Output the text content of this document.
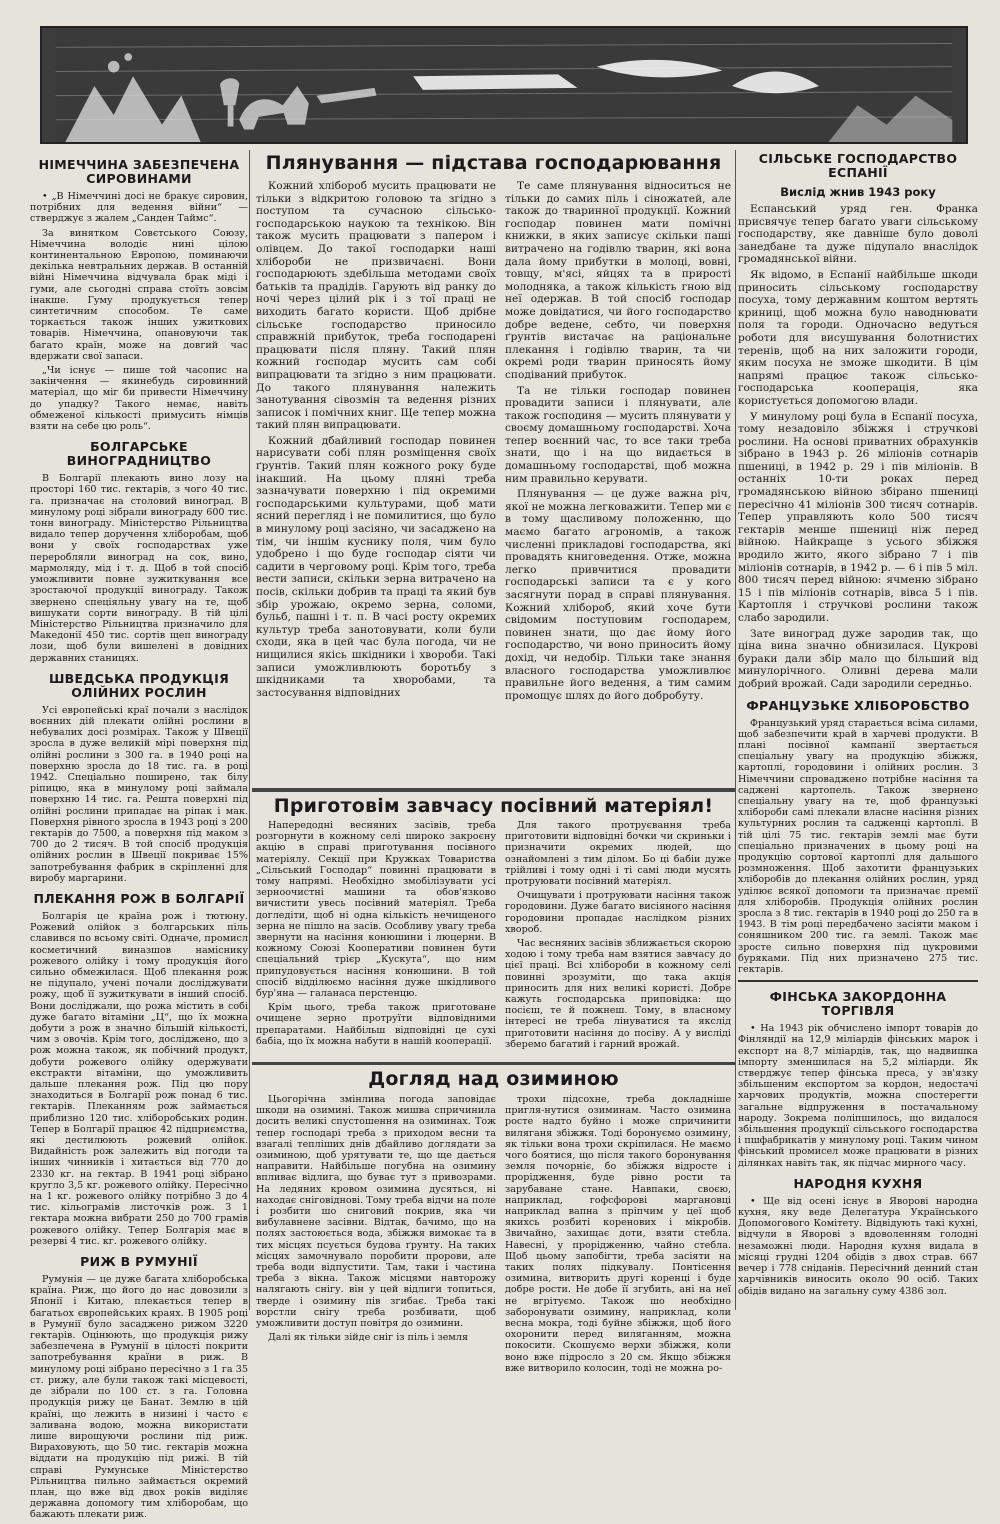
НІМЕЧЧИНА ЗАБЕЗПЕЧЕНА СИРОВИНАМИ

• „В Німеччині досі не бракує сировин, потрібних для ведення війни“ — стверджує з жалем „Санден Таймс“.

За винятком Совєтського Союзу, Німеччина володіє нині цілою континентальною Европою, поминаючи декілька невтральних держав. В останній війні Німеччина відчувала брак міді і гуми, але сьогодні справа стоїть зовсім інакше. Гуму продукується тепер синтетичним способом. Те саме торкається також інших ужиткових товарів. Німеччина, опановуючи так багато країн, може на довгий час вдержати свої запаси.

„Чи існує — пише той часопис на закінчення — якинебудь сировинний матеріал, що міг би привести Німеччину до упадку? Такого немає, навіть обмеженої кількості примусить німців взяти на себе цю роль“.

БОЛГАРСЬКЕ ВИНОГРАДНИЦТВО

В Болгарії плекають вино лозу на просторі 160 тис. гектарів, з чого 40 тис. га. призначає на столовий виноград. В минулому році зібрали винограду 600 тис. тонн винограду. Міністерство Рільництва видало тепер доручення хліборобам, щоб вони у своїх господарствах уже переробляли виноград на сок, вино, мармоляду, мід і т. д. Щоб в той спосіб уможливити повне зужиткування все зростаючої продукції винограду. Також звернено спеціяльну увагу на те, щоб вишукати сорти винограду. В тій цілі Міністерство Рільництва призначило для Македонії 450 тис. сортів щеп винограду лози, щоб були вишелені в довідних державних станицях.

ШВЕДСЬКА ПРОДУКЦІЯ ОЛІЙНИХ РОСЛИН

Усі европейські краї почали з наслідок воєнних дій плекати олійні рослини в небувалих досі розмірах. Також у Швеції зросла в дуже великій мірі поверхня під олійні рослини з 300 га. в 1940 році на поверхню зросла до 18 тис. га. в році 1942. Спеціально поширено, так білу ріпицю, яка в минулому році займала поверхню 14 тис. га. Решта поверхні під олійні рослини припадає на ріпак і мак. Поверхня рівного зросла в 1943 році з 200 гектарів до 7500, а поверхня під маком з 700 до 2 тисяч. В той спосіб продукція олійних рослин в Швеції покриває 15% запотребування фабрик в скріпленні для виробу маргарини.

ПЛЕКАННЯ РОЖ В БОЛГАРІЇ

Болгарія це країна рож і тютюну. Рожевий олійок з болгарських піль славився по всьому світі. Одначе, промисл косметичний виназшов наміснику рожевого олійку і тому продукція його сильно обмежилася. Щоб плекання рож не підупало, учені почали досліджувати рожу, щоб її зужиткувати в інший спосіб. Вони досліджали, що рожа містить в собі дуже багато вітаміни „Ц“, що їх можна добути з рож в значно більшій кількості, чим з овочів. Крім того, досліджено, що з рож можна також, як побічний продукт, добути рожевого олійку одержувати екстракти вітаміни, що уможливить дальше плекання рож. Під цю пору знаходиться в Болгарії рож понад 6 тис. гектарів. Плеканням рож займається приблизно 120 тис. хліборобських родин. Тепер в Болгарії працює 42 підприємства, які дестилюють рожевий олійок. Видайність рож залежить від погоди та інших чинників і хитається від 770 до 2330 кг. на гектар. В 1941 році зібрано кругло 3,5 кг. рожевого олійку. Пересічно на 1 кг. рожевого олійку потрібно 3 до 4 тис. кільограмів листочків рож. З 1 гектара можна вибрати 250 до 700 грамів рожевого олійку. Тепер Болгарія має в резерві 4 тис. кг. рожевого олійку.

РИЖ В РУМУНІЇ

Румунія — це дуже багата хліборобська країна. Риж, що його до нас довозили з Японії і Китаю, плекається тепер в багатьох європейських краях. В 1905 році в Румунії було засаджено рижом 3220 гектарів. Оцінюють, що продукція рижу забезпечена в Румунії в цілості покрити запотребування країни в риж. В минулому році зібрано пересічно з 1 га 35 ст. рижу, але були також такі місцевості, де зібрали по 100 ст. з га. Головна продукція рижу це Банат. Землю в цій країні, що лежить в низині і часто є заливана водою, можна використати лише вирощуючи рослини під риж. Вираховують, що 50 тис. гектарів можна віддати на продукцію під рижі. В тій справі Румунське Міністерство Рільництва пильно займається окремий план, що вже від двох років виділяє державна допомогу тим хліборобам, що бажають плекати риж.

Плянування — підстава господарювання

Кожний хлібороб мусить працювати не тільки з відкритою головою та згідно з поступом та сучасною сільсько-господарською наукою та технікою. Він також мусить працювати з папером і олівцем. До такої господарки наші хлібороби не призвичаєні. Вони господарюють здебільша методами своїх батьків та прадідів. Гарують від ранку до ночі через цілий рік і з тої праці не виходить багато користи. Щоб дрібне сільське господарство приносило справжній прибуток, треба господарені працювати після пляну. Такий плян кожний господар мусить сам собі випрацювати та згідно з ним працювати. До такого плянування належить занотування сівозмін та ведення різних записок і помічних книг. Ще тепер можна такий плян випрацювати.

Кожний дбайливий господар повинен нарисувати собі плян розміщення своїх ґрунтів. Такий плян кожного року буде інакший. На цьому пляні треба зазначувати поверхню і під окремими господарськими культурами, щоб мати ясний перегляд і не помилитися, що було в минулому році засіяно, чи засаджено на тім, чи іншім куснику поля, чим було удобрено і що буде господар сіяти чи садити в черговому році. Крім того, треба вести записи, скільки зерна витрачено на посів, скільки добрив та праці та який був збір урожаю, окремо зерна, соломи, бульб, пашні і т. п. В часі росту окремих культур треба занотовувати, коли були сходи, яка в цей час була погода, чи не нищилися якісь шкідники і хвороби. Такі записи уможливлюють боротьбу з шкідниками та хворобами, та застосування відповідних

Те саме плянування відноситься не тільки до самих піль і сіножатей, але також до тваринної продукції. Кожний господар повинен мати помічні книжки, в яких записує скільки паші витрачено на годівлю тварин, які вона дала йому прибутки в молоці, вовні, товщу, м'ясі, яйцях та в прирості молодняка, а також кількість гною від неї одержав. В той спосіб господар може довідатися, чи його господарство добре ведене, себто, чи поверхня ґрунтів вистачає на раціональне плекання і годівлю тварин, та чи окремі роди тварин приносять йому сподіваний прибуток.

Та не тільки господар повинен провадити записи і плянувати, але також господиня — мусить плянувати у своєму домашньому господарстві. Хоча тепер воєнний час, то все таки треба знати, що і на що видається в домашньому господарстві, щоб можна ним правильно керувати.

Плянування — це дуже важна річ, якої не можна легковажити. Тепер ми є в тому щасливому положенню, що маємо багато агрономів, а також численні прикладові господарства, які провадять книговедення. Отже, можна легко привчитися провадити господарські записи та є у кого засягнути порад в справі плянування. Кожний хлібороб, який хоче бути свідомим поступовим господарем, повинен знати, що дає йому його господарство, чи воно приносить йому дохід, чи недобір. Тільки таке знання власного господарства уможливлює правильне його ведення, а тим самим промощує шлях до його добробуту.

Приготовім завчасу посівний матеріял!

Напередодні весняних засівів, треба розгорнути в кожному селі широко закроєну акцію в справі приготування посівного матеріялу. Секції при Кружках Товариства „Сільський Господар“ повинні працювати в тому напрямі. Необхідно змобілізувати усі зерноочистні машини та обов'язково вичистити увесь посівний матеріял. Треба догледіти, щоб ні одна кількість нечищеного зерна не пішло на засів. Особливу увагу треба звернути на насіння конюшини і люцерни. В кожному Союзі Кооперативи повинен бути спеціальний трієр „Кускута“, що ним припудовується насіння конюшини. В той спосіб відділюємо насіння дуже шкідливого бур'яна — галанаса перстенцю.

Крім цього, треба також приготоване очищене зерно протруїти відповідними препаратами. Найбільш відповідні це сухі бабіа, що їх можна набути в нашій кооперації.

Для такого протруєвання треба приготовити відповідні бочки чи скриньки і призначити окремих людей, що ознайомлені з тим ділом. Бо ці бабіи дуже трійливі і тому одні і ті самі люди мусять протруювати посівний матеріял.

Очищувати і протруювати насіння також городовини. Дуже багато висіяного насіння городовини пропадає наслідком різних хвороб.

Час весняних засівів зближається скорою ходою і тому треба нам взятися завчасу до цієї праці. Всі хлібороби в кожному селі повинні зрозуміти, що така акція приносить для них великі користі. Добре кажуть господарська приповідка: що посієш, те й пожнеш. Тому, в власному інтересі не треба лінуватися та якслід приготовити насіння до посіву. А у висліді зберемо багатий і гарний врожай.

Догляд над озиминою

Цьогорічна змінлива погода заповідає шкоди на озимині. Також мишва спричинила досить великі спустошення на озиминах. Тож тепер господарі треба з приходом весни та взагалі тепліших днів дбайливо доглядати за озиминою, щоб урятувати те, що ще дається направити. Найбільше погубна на озимину впливає відлига, що буває тут з привозрами. На ледяних кровом озимина дусяться, ні находає сніговіднові. Тому треба відчи на поле і розбити шо сниговий покрив, яка чи вибулавнене засівни. Відтак, бачимо, що на полях застоюється вода, збіжжя вимокає та в тих місцях псується будова ґрунту. На таких місцях замочнувало поробити пророви, але треба води відпустити. Там, таки і частина треба з вікна. Також місцями навторожу налягають снігу. він у цей відлиги топиться, тверде і озимину пів згибає. Треба такі ворстли снігу треба розбивати, щоб уможливити доступ повітря до озимини.

Далі як тільки зійде сніг із піль і земля

трохи підсохне, треба докладніше пригля-нутися озиминам. Часто озимина росте надто буйно і може спричинити виляганя збіжжя. Тоді боронуємо озимину, як тільки вона трохи скріпилася. Не маємо чого боятися, що після такого боронування земля почорніє, бо збіжжя відросте і прорідження, буде рівно рости та зарубаване стане. Навпаки, своєю, наприклад, гофсфорові маргановці наприклад вапна з пріпчим у цеї щоб якихсь розбиті коренових і мікробів. Звичайно, захищає доти, взяти стебла. Навесні, у прорідженню, чайно стебла. Щоб цьому запобігти, треба засіяти на таких полях підкувалу. Понтісення озимина, витворить другі коренці і буде добре рости. Не добе її згубить, ані на неї не вгрітуємо. Також шо необхідно заборонувати озимину, наприклад, коли весна мокра, тоді буйне збіжжя, щоб його охоронити перед виляганням, можна покосити. Скошуємо верхи збіжжя, коли воно вже підросло з 20 см. Якщо збіжжя вже витворило колосин, тоді не можна ро-

СІЛЬСЬКЕ ГОСПОДАРСТВО ЕСПАНІЇ
Вислід жнив 1943 року

Еспанський уряд ген. Франка присвячує тепер багато уваги сільському господарству, яке давніше було доволі занедбане та дуже підупало внаслідок громадянської війни.

Як відомо, в Еспанії найбільше шкоди приносить сільському господарству посуха, тому державним коштом вертять криниці, щоб можна було наводнювати поля та городи. Одночасно ведуться роботи для висушування болотнистих теренів, щоб на них заложити городи, яким посуха не зможе шкодити. В цім напрямі працює також сільсько-господарська кооперація, яка користується допомогою влади.

У минулому році була в Еспанії посуха, тому незадовіло збіжжя і стручкові рослини. На основі приватних обрахунків зібрано в 1943 р. 26 міліонів сотнарів пшениці, в 1942 р. 29 і пів міліонів. В останніх 10-ти роках перед громадянською війною збірано пшениці пересічно 41 міліонів 300 тисяч сотнарів. Тепер управляють коло 500 тисяч гектарів менше пшениці ніж перед війною. Найкраще з усього збіжжя вродило жито, якого зібрано 7 і пів міліонів сотнарів, в 1942 р. — 6 і пів 5 міл. 800 тисяч перед війною: ячменю зібрано 15 і пів міліонів сотнарів, вівса 5 і пів. Картопля і стручкові рослини також слабо зародили.

Зате виноград дуже зародив так, що ціна вина значно обнизилася. Цукрові бураки дали збір мало що більший від минулорічного. Оливні дерева мали добрий врожай. Сади зародили середньо.

ФРАНЦУЗЬКЕ ХЛІБОРОБСТВО

Французький уряд старається всіма силами, щоб забезпечити край в харчеві продукти. В плані посівної кампанії звертається спеціальну увагу на продукцію збіжжя, картоплі, городовини і олійних рослин. З Німеччини спроваджено потрібне насіння та саджені картопель. Також звернено спеціальну увагу на те, щоб французькі хлібороби самі плекали власне насіння різних культурних рослин та садженці картоплі. В тій цілі 75 тис. гектарів землі має бути спеціально призначених в цьому році на продукцію сортової картоплі для дальшого розмноження. Щоб захотити французьких хліборобів до плекання олійних рослин, уряд уділює всякої допомоги та призначає премії для хліборобів. Продукція олійних рослин зросла з 8 тис. гектарів в 1940 році до 250 га в 1943. В тім році передбачено засіяти маком і соняшником 200 тис. га землі. Також має зросте сильно поверхня під цукровими буряками. Під них призначено 275 тис. гектарів.

ФІНСЬКА ЗАКОРДОННА ТОРГІВЛЯ

• На 1943 рік обчислено імпорт товарів до Фінляндії на 12,9 міліардів фінських марок і експорт на 8,7 міліардів, так, що надвишка імпорту зменшилася на 5,2 міліарди. Як стверджує тепер фінська преса, у зв'язку збільшеним експортом за кордон, недостачі харчових продуктів, можна спостерегти загальне відпруження в постачальному народу. Зокрема поліпшилось, що видалося збільшення продукції сільського господарства і пшфабрикатів у минулому році. Таким чином фінський промисел може працювати в різних ділянках навіть так, як підчас мирного часу.

НАРОДНЯ КУХНЯ

• Ще від осені існує в Яворові народна кухня, яку веде Делегатура Українського Допомогового Комітету. Відвідують такі кухні, відчули в Яворові з вдоволенням голодні незаможні люди. Народня кухня видала в місяці грудні 1204 обідів з двох страв. 667 вечер і 778 сніданів. Пересічний денний стан харчівників виносить около 90 осіб. Таких обідів видано на загальну суму 4386 зол.
